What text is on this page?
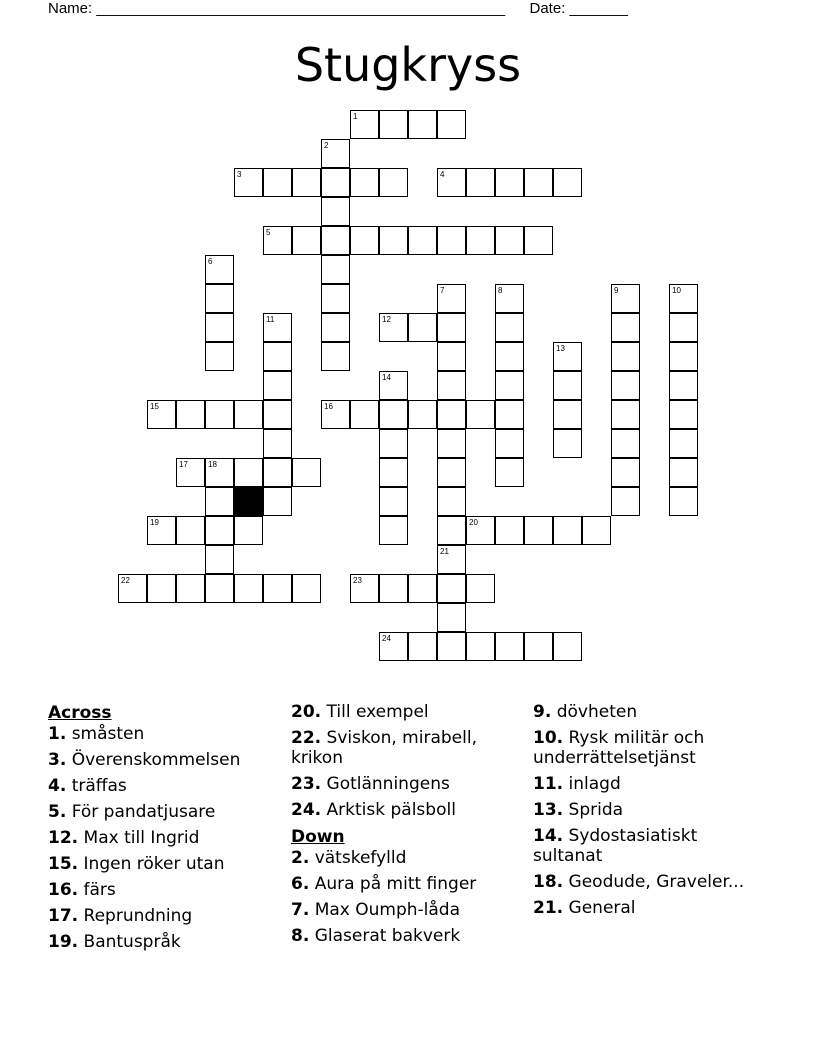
Name: _________________________________________________ Date: _______
Stugkryss
1
2
3	4
5
6
7	8	9	10
11	12
13
14
15	16
17	18
19	20
21
22	23
24
Across
1. småsten
3. Överenskommelsen
4. träffas
5. För pandatjusare
12. Max till Ingrid
15. Ingen röker utan
16. färs
17. Reprundning
19. Bantuspråk
20. Till exempel
22. Sviskon, mirabell, krikon
23. Gotlänningens
24. Arktisk pälsboll
Down
2. vätskefylld
6. Aura på mitt finger
7. Max Oumph-låda
8. Glaserat bakverk
9. dövheten
10. Rysk militär och underrättelsetjänst
11. inlagd
13. Sprida
14. Sydostasiatiskt sultanat
18. Geodude, Graveler...
21. General
